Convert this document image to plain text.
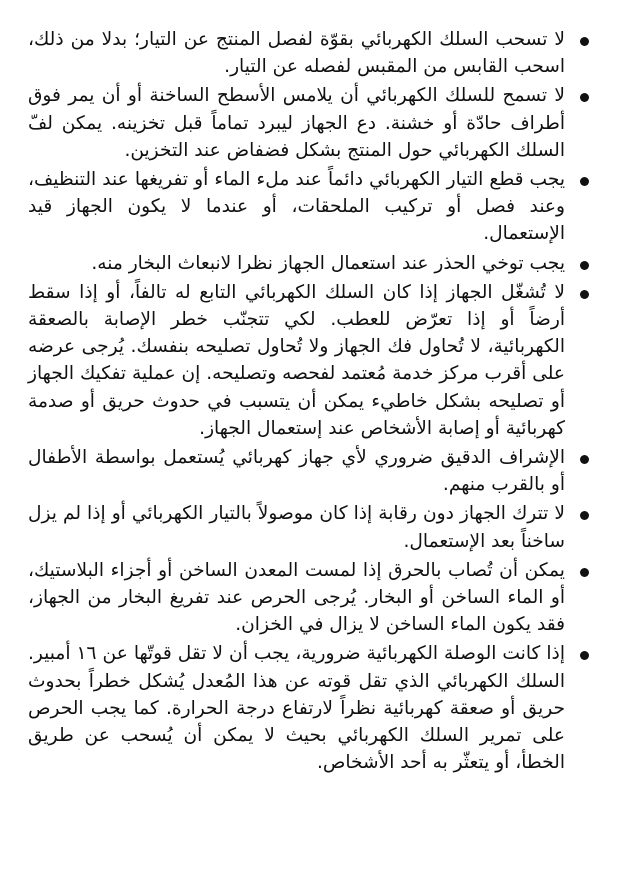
لا تسحب السلك الكهربائي بقوّة لفصل المنتج عن التيار؛ بدلا من ذلك، اسحب القابس من المقبس لفصله عن التيار.
لا تسمح للسلك الكهربائي أن يلامس الأسطح الساخنة أو أن يمر فوق أطراف حادّة أو خشنة. دع الجهاز ليبرد تماماً قبل تخزينه. يمكن لفّ السلك الكهربائي حول المنتج بشكل فضفاض عند التخزين.
يجب قطع التيار الكهربائي دائماً عند ملء الماء أو تفريغها عند التنظيف، وعند فصل أو تركيب الملحقات، أو عندما لا يكون الجهاز قيد الإستعمال.
يجب توخي الحذر عند استعمال الجهاز نظرا لانبعاث البخار منه.
لا تُشغّل الجهاز إذا كان السلك الكهربائي التابع له تالفاً، أو إذا سقط أرضاً أو إذا تعرّض للعطب. لكي تتجنّب خطر الإصابة بالصعقة الكهربائية، لا تُحاول فك الجهاز ولا تُحاول تصليحه بنفسك. يُرجى عرضه على أقرب مركز خدمة مُعتمد لفحصه وتصليحه. إن عملية تفكيك الجهاز أو تصليحه بشكل خاطيء يمكن أن يتسبب في حدوث حريق أو صدمة كهربائية أو إصابة الأشخاص عند إستعمال الجهاز.
الإشراف الدقيق ضروري لأي جهاز كهربائي يُستعمل بواسطة الأطفال أو بالقرب منهم.
لا تترك الجهاز دون رقابة إذا كان موصولاً بالتيار الكهربائي أو إذا لم يزل ساخناً بعد الإستعمال.
يمكن أن تُصاب بالحرق إذا لمست المعدن الساخن أو أجزاء البلاستيك، أو الماء الساخن أو البخار. يُرجى الحرص عند تفريغ البخار من الجهاز، فقد يكون الماء الساخن لا يزال في الخزان.
إذا كانت الوصلة الكهربائية ضرورية، يجب أن لا تقل قوتّها عن ١٦ أمبير. السلك الكهربائي الذي تقل قوته عن هذا المُعدل يُشكل خطراً بحدوث حريق أو صعقة كهربائية نظراً لارتفاع درجة الحرارة. كما يجب الحرص على تمرير السلك الكهربائي بحيث لا يمكن أن يُسحب عن طريق الخطأ، أو يتعثّر به أحد الأشخاص.
